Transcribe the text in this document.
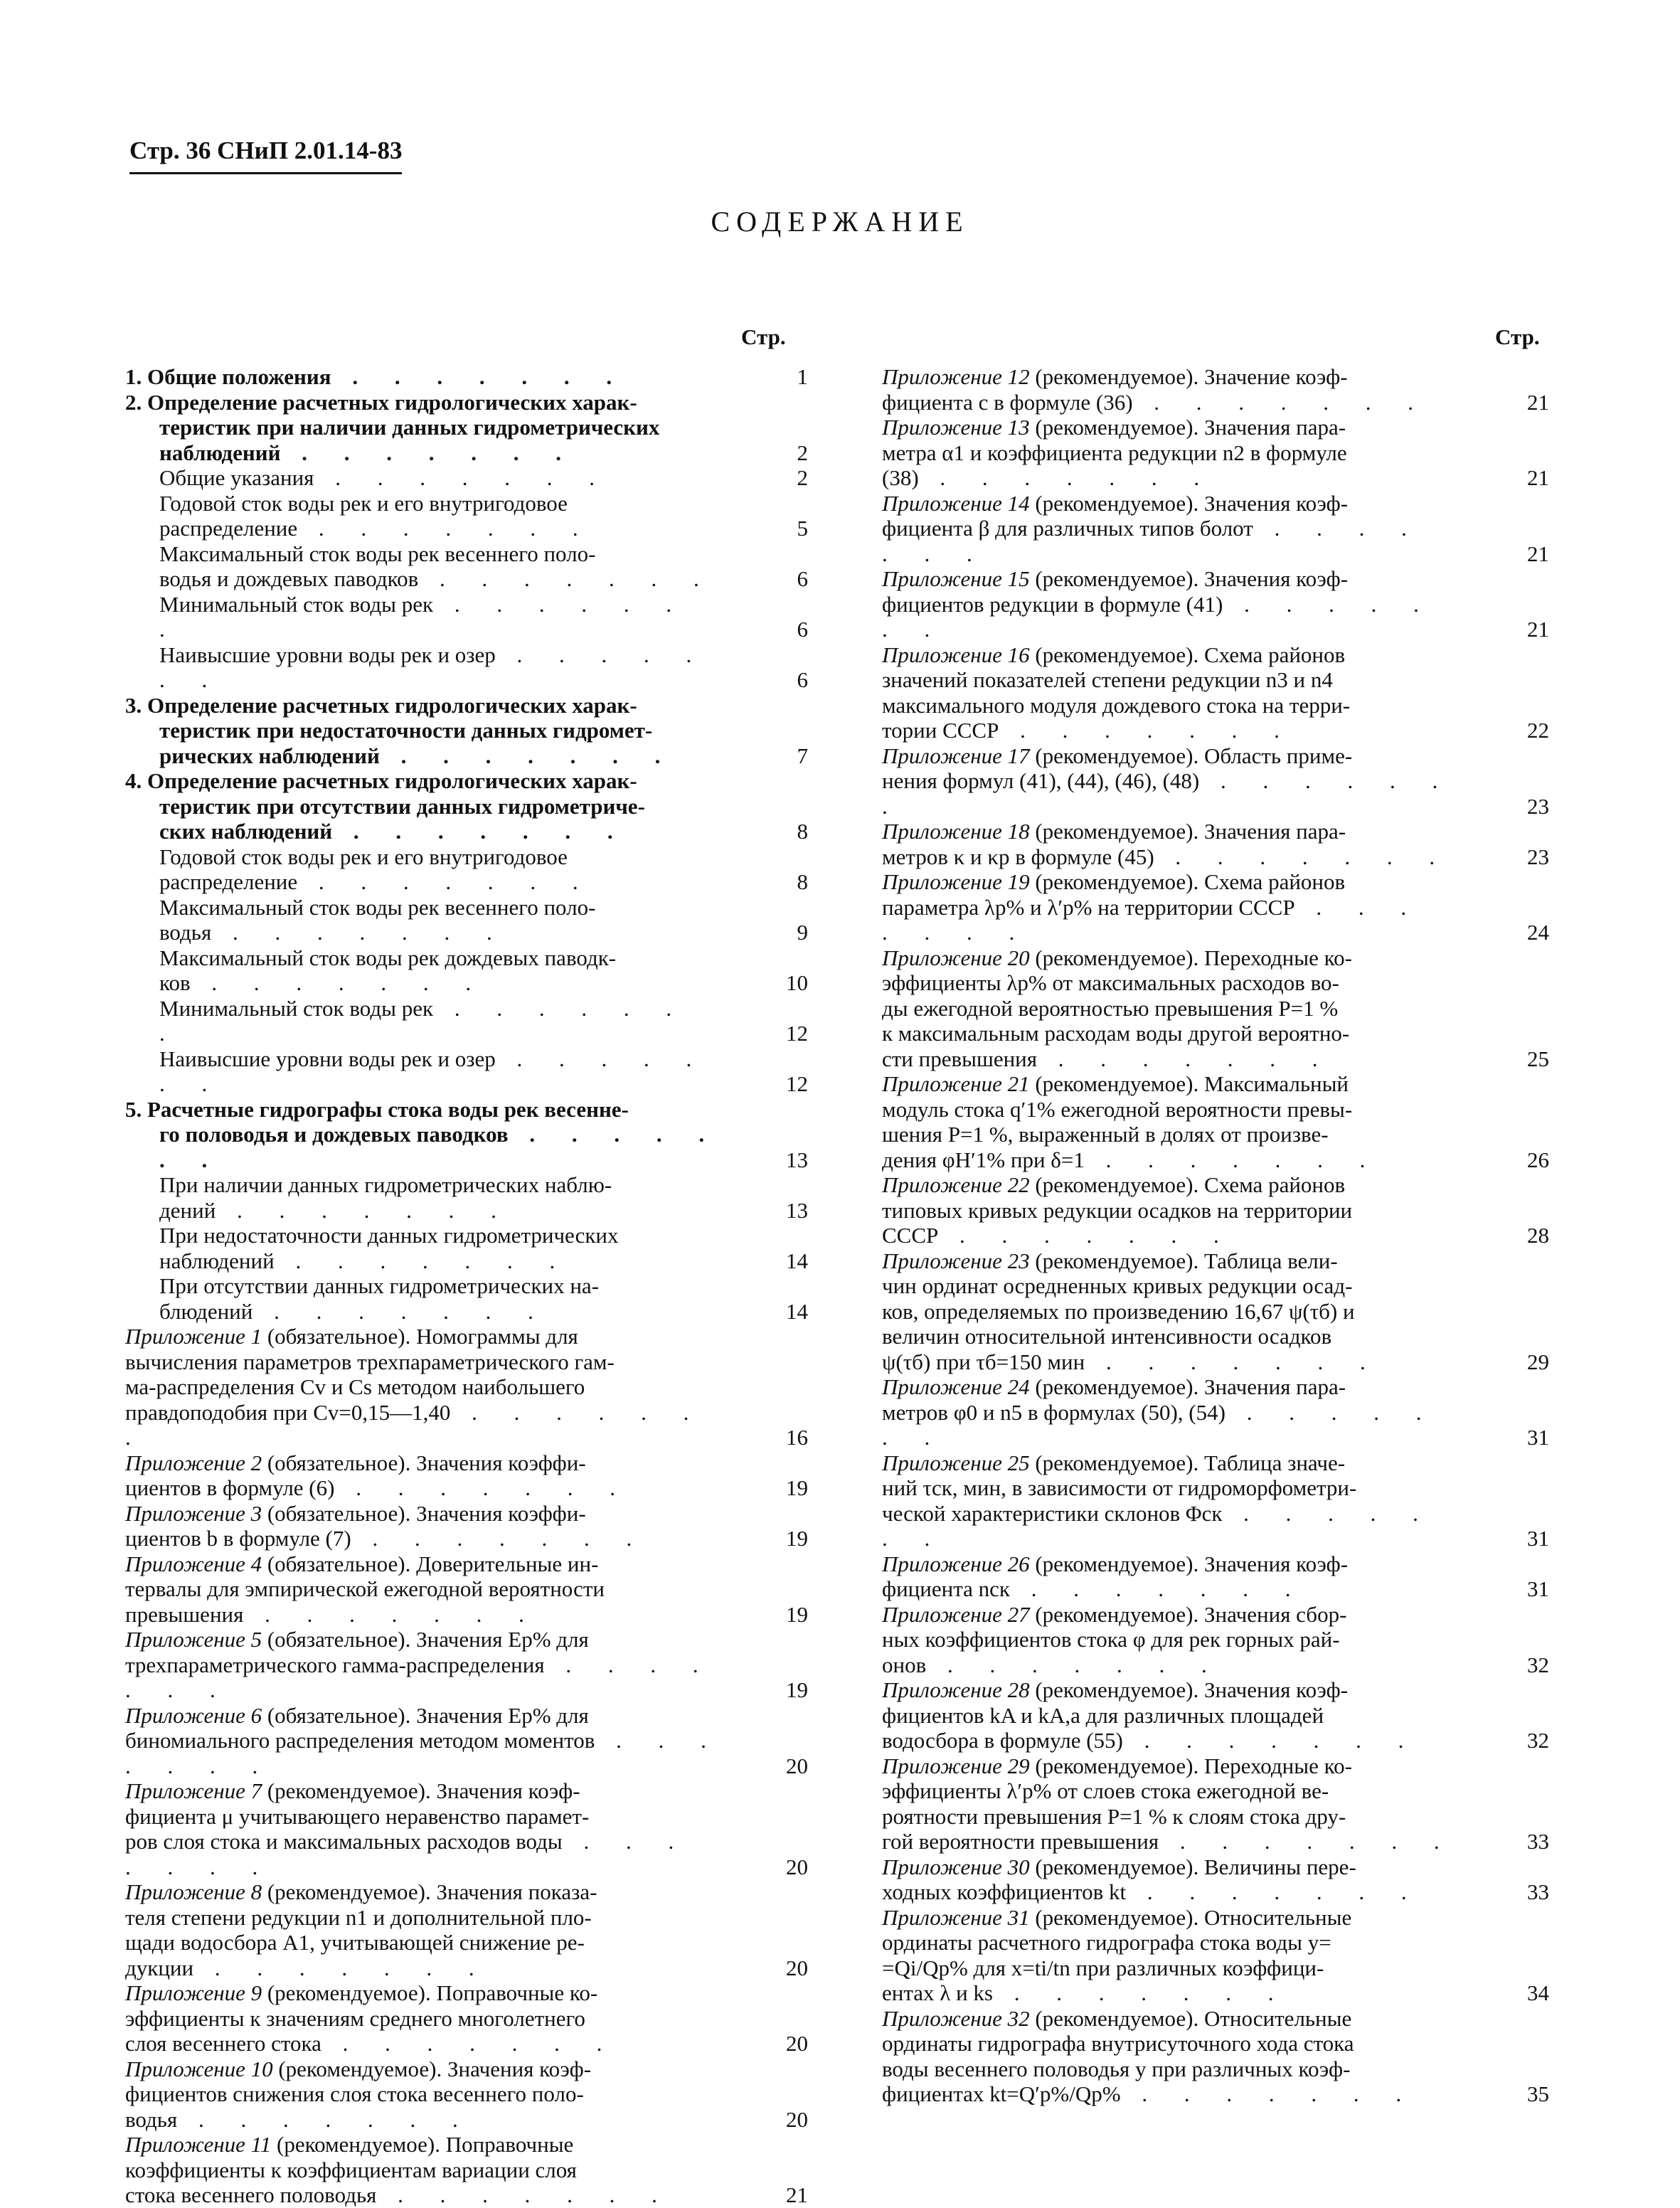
Стр. 36 СНиП 2.01.14-83
СОДЕРЖАНИЕ
Стр.	Стр.
1. Общие положения . . . . . . .	1
2. Определение расчетных гидрологических харак-
теристик при наличии данных гидрометрических
наблюдений . . . . . . .	2
Общие указания . . . . . . .	2
Годовой сток воды рек и его внутригодовое
распределение . . . . . . .	5
Максимальный сток воды рек весеннего поло-
водья и дождевых паводков . . . . . . .	6
Минимальный сток воды рек . . . . . . .	6
Наивысшие уровни воды рек и озер . . . . . . .	6
3. Определение расчетных гидрологических харак-
теристик при недостаточности данных гидромет-
рических наблюдений . . . . . . .	7
4. Определение расчетных гидрологических харак-
теристик при отсутствии данных гидрометриче-
ских наблюдений . . . . . . .	8
Годовой сток воды рек и его внутригодовое
распределение . . . . . . .	8
Максимальный сток воды рек весеннего поло-
водья . . . . . . .	9
Максимальный сток воды рек дождевых паводк-
ков . . . . . . .	10
Минимальный сток воды рек . . . . . . .	12
Наивысшие уровни воды рек и озер . . . . . . .	12
5. Расчетные гидрографы стока воды рек весенне-
го половодья и дождевых паводков . . . . . . .	13
При наличии данных гидрометрических наблю-
дений . . . . . . .	13
При недостаточности данных гидрометрических
наблюдений . . . . . . .	14
При отсутствии данных гидрометрических на-
блюдений . . . . . . .	14
Приложение 1 (обязательное). Номограммы для
вычисления параметров трехпараметрического гам-
ма-распределения Cv и Cs методом наибольшего
правдоподобия при Cv=0,15—1,40 . . . . . . .	16
Приложение 2 (обязательное). Значения коэффи-
циентов в формуле (6) . . . . . . .	19
Приложение 3 (обязательное). Значения коэффи-
циентов b в формуле (7) . . . . . . .	19
Приложение 4 (обязательное). Доверительные ин-
тервалы для эмпирической ежегодной вероятности
превышения . . . . . . .	19
Приложение 5 (обязательное). Значения Eр% для
трехпараметрического гамма-распределения . . . . . . .	19
Приложение 6 (обязательное). Значения Eр% для
биномиального распределения методом моментов . . . . . . .	20
Приложение 7 (рекомендуемое). Значения коэф-
фициента μ учитывающего неравенство парамет-
ров слоя стока и максимальных расходов воды . . . . . . .	20
Приложение 8 (рекомендуемое). Значения показа-
теля степени редукции n1 и дополнительной пло-
щади водосбора A1, учитывающей снижение ре-
дукции . . . . . . .	20
Приложение 9 (рекомендуемое). Поправочные ко-
эффициенты к значениям среднего многолетнего
слоя весеннего стока . . . . . . .	20
Приложение 10 (рекомендуемое). Значения коэф-
фициентов снижения слоя стока весеннего поло-
водья . . . . . . .	20
Приложение 11 (рекомендуемое). Поправочные
коэффициенты к коэффициентам вариации слоя
стока весеннего половодья . . . . . . .	21
Приложение 12 (рекомендуемое). Значение коэф-
фициента c в формуле (36) . . . . . . .	21
Приложение 13 (рекомендуемое). Значения пара-
метра α1 и коэффициента редукции n2 в формуле
(38) . . . . . . .	21
Приложение 14 (рекомендуемое). Значения коэф-
фициента β для различных типов болот . . . . . . .	21
Приложение 15 (рекомендуемое). Значения коэф-
фициентов редукции в формуле (41) . . . . . . .	21
Приложение 16 (рекомендуемое). Схема районов
значений показателей степени редукции n3 и n4
максимального модуля дождевого стока на терри-
тории СССР . . . . . . .	22
Приложение 17 (рекомендуемое). Область приме-
нения формул (41), (44), (46), (48) . . . . . . .	23
Приложение 18 (рекомендуемое). Значения пара-
метров κ и κp в формуле (45) . . . . . . .	23
Приложение 19 (рекомендуемое). Схема районов
параметра λp% и λ′p% на территории СССР . . . . . . .	24
Приложение 20 (рекомендуемое). Переходные ко-
эффициенты λp% от максимальных расходов во-
ды ежегодной вероятностью превышения P=1 %
к максимальным расходам воды другой вероятно-
сти превышения . . . . . . .	25
Приложение 21 (рекомендуемое). Максимальный
модуль стока q′1% ежегодной вероятности превы-
шения P=1 %, выраженный в долях от произве-
дения φH′1% при δ=1 . . . . . . .	26
Приложение 22 (рекомендуемое). Схема районов
типовых кривых редукции осадков на территории
СССР . . . . . . .	28
Приложение 23 (рекомендуемое). Таблица вели-
чин ординат осредненных кривых редукции осад-
ков, определяемых по произведению 16,67 ψ(τб) и
величин относительной интенсивности осадков
ψ(τб) при τб=150 мин . . . . . . .	29
Приложение 24 (рекомендуемое). Значения пара-
метров φ0 и n5 в формулах (50), (54) . . . . . . .	31
Приложение 25 (рекомендуемое). Таблица значе-
ний τск, мин, в зависимости от гидроморфометри-
ческой характеристики склонов Φск . . . . . . .	31
Приложение 26 (рекомендуемое). Значения коэф-
фициента nск . . . . . . .	31
Приложение 27 (рекомендуемое). Значения сбор-
ных коэффициентов стока φ для рек горных рай-
онов . . . . . . .	32
Приложение 28 (рекомендуемое). Значения коэф-
фициентов kA и kA,a для различных площадей
водосбора в формуле (55) . . . . . . .	32
Приложение 29 (рекомендуемое). Переходные ко-
эффициенты λ′p% от слоев стока ежегодной ве-
роятности превышения P=1 % к слоям стока дру-
гой вероятности превышения . . . . . . .	33
Приложение 30 (рекомендуемое). Величины пере-
ходных коэффициентов kt . . . . . . .	33
Приложение 31 (рекомендуемое). Относительные
ординаты расчетного гидрографа стока воды y=
=Qi/Qp% для x=ti/tn при различных коэффици-
ентах λ и ks . . . . . . .	34
Приложение 32 (рекомендуемое). Относительные
ординаты гидрографа внутрисуточного хода стока
воды весеннего половодья y при различных коэф-
фициентах kt=Q′p%/Qp% . . . . . . .	35
